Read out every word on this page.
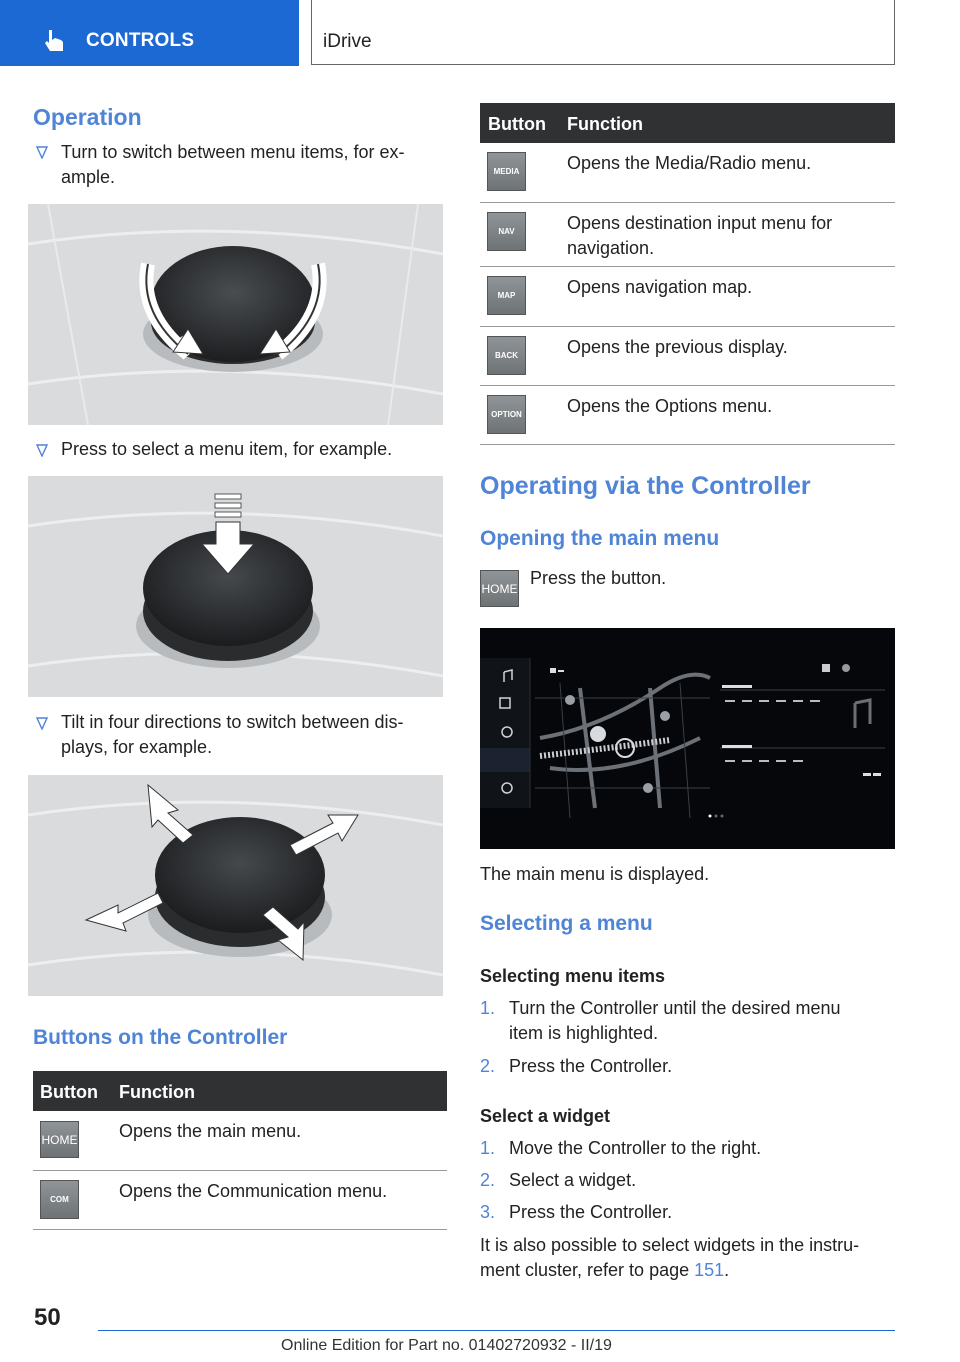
CONTROLS	iDrive
Operation
Turn to switch between menu items, for ex-
ample.
Press to select a menu item, for example.
Tilt in four directions to switch between dis-
plays, for example.
Buttons on the Controller
Button Function
HOME Opens the main menu.
COM	Opens the Communication menu.
Button Function
MEDIA	Opens the Media/Radio menu.
NAV	Opens destination input menu for
navigation.
MAP	Opens navigation map.
BACK	Opens the previous display.
OPTION	Opens the Options menu.
Operating via the Controller
Opening the main menu
HOME
Press the button.
The main menu is displayed.
Selecting a menu
Selecting menu items
1. Turn the Controller until the desired menu
item is highlighted.
2. Press the Controller.
Select a widget
1. Move the Controller to the right.
2. Select a widget.
3. Press the Controller.
It is also possible to select widgets in the instru-
ment cluster, refer to page 151.
50
Online Edition for Part no. 01402720932 - II/19
